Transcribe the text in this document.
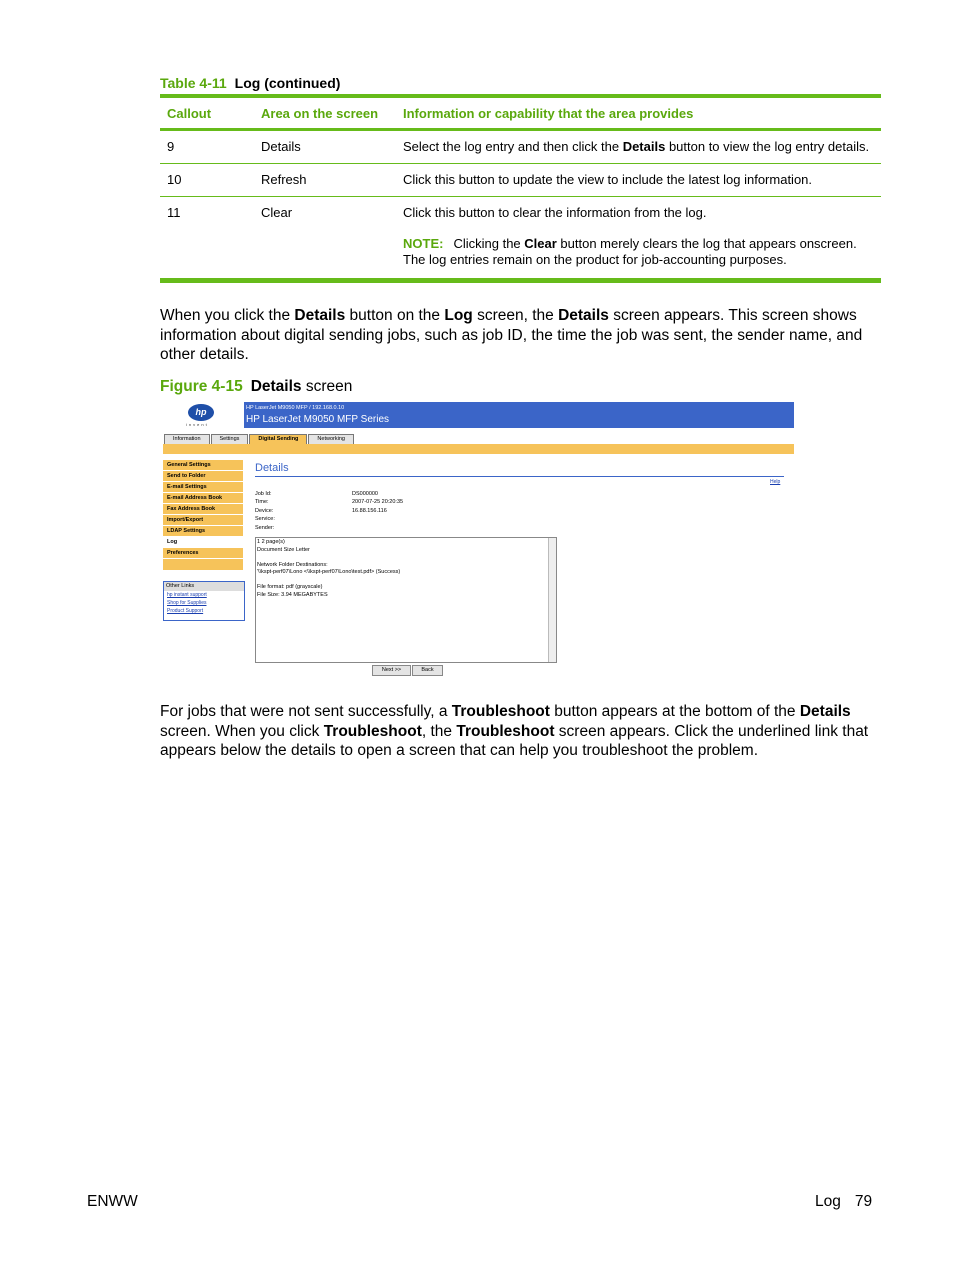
Table 4-11 Log (continued)
Callout	Area on the screen	Information or capability that the area provides
9	Details	Select the log entry and then click the Details button to view the log entry details.
10	Refresh	Click this button to update the view to include the latest log information.
11	Clear	Click this button to clear the information from the log.
NOTE: Clicking the Clear button merely clears the log that appears onscreen. The log entries remain on the product for job-accounting purposes.
When you click the Details button on the Log screen, the Details screen appears. This screen shows information about digital sending jobs, such as job ID, the time the job was sent, the sender name, and other details.
Figure 4-15 Details screen
hp
invent
HP LaserJet M9050 MFP / 192.168.0.10
HP LaserJet M9050 MFP Series
Information	Settings	Digital Sending	Networking
General Settings
Send to Folder
E-mail Settings
E-mail Address Book
Fax Address Book
Import/Export
LDAP Settings
Log
Preferences
Other Links
hp instant support
Shop for Supplies
Product Support
Details
Help
Job Id:	DS000000
Time:	2007-07-25 20:20:35
Device:	16.88.156.116
Service:
Sender:
1 2 page(s)
Document Size Letter
Network Folder Destinations:
'\\kspt-perf07\Lono <\\kspt-perf07\Lono\test.pdf> (Success)
File format: pdf (grayscale)
File Size: 3.94 MEGABYTES
Next >>	Back
For jobs that were not sent successfully, a Troubleshoot button appears at the bottom of the Details screen. When you click Troubleshoot, the Troubleshoot screen appears. Click the underlined link that appears below the details to open a screen that can help you troubleshoot the problem.
ENWW	Log 79
